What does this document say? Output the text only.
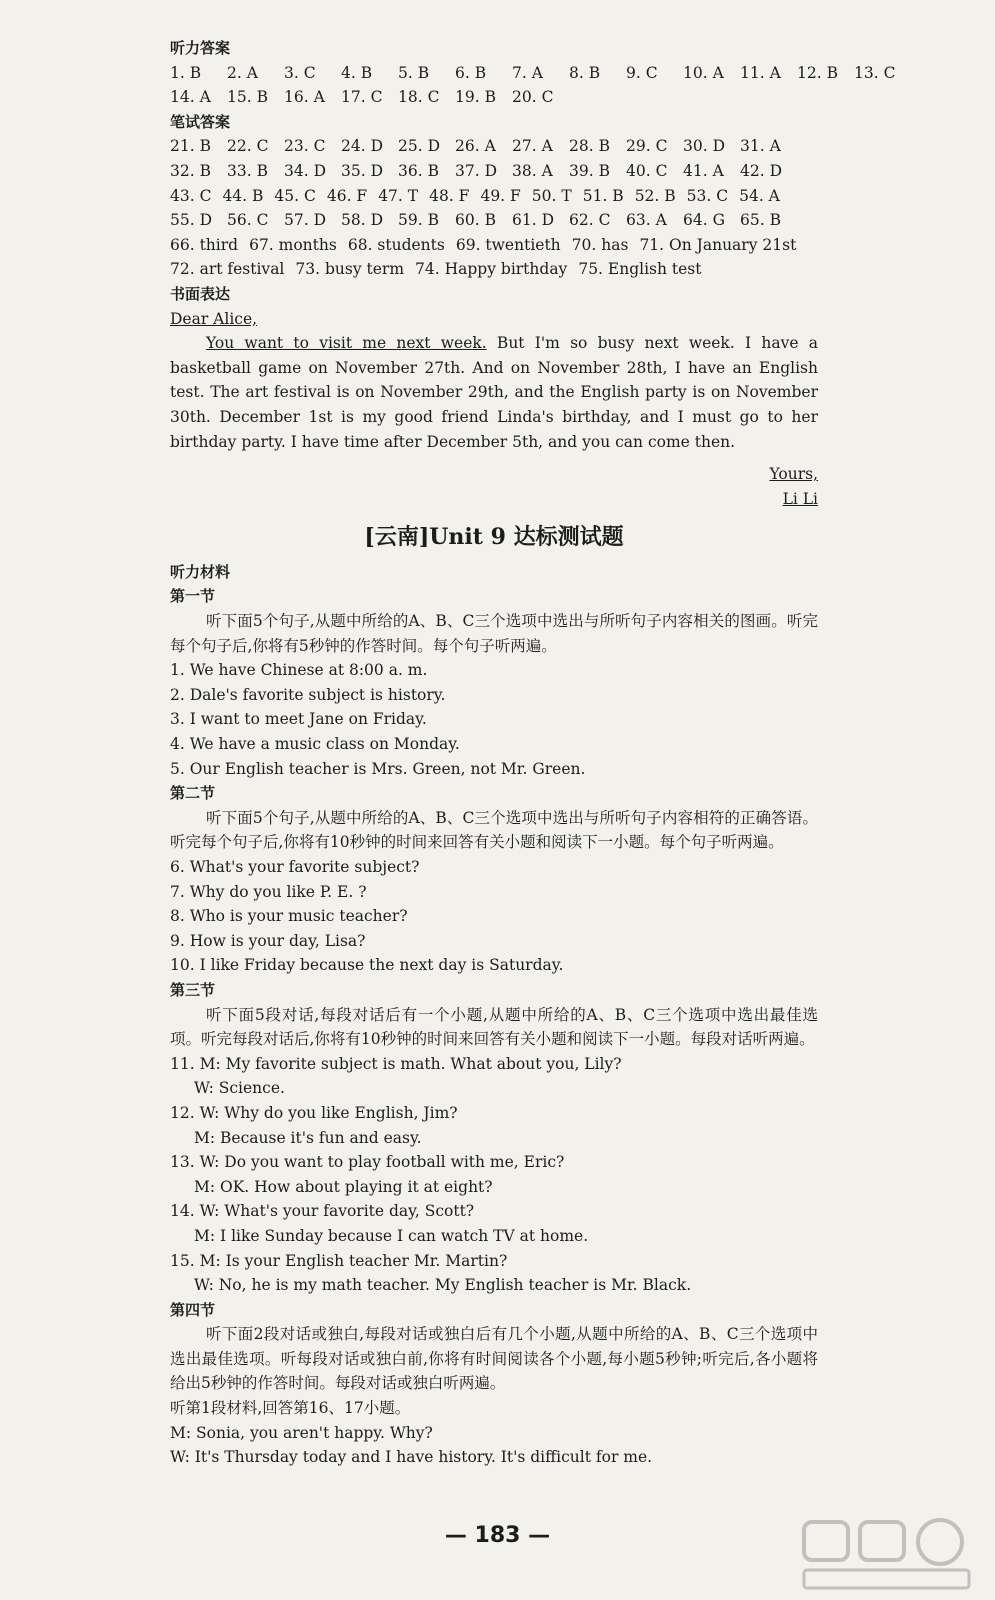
听力答案
1. B 2. A 3. C 4. B 5. B 6. B 7. A 8. B 9. C 10. A 11. A 12. B 13. C
14. A 15. B 16. A 17. C 18. C 19. B 20. C
笔试答案
21. B 22. C 23. C 24. D 25. D 26. A 27. A 28. B 29. C 30. D 31. A
32. B 33. B 34. D 35. D 36. B 37. D 38. A 39. B 40. C 41. A 42. D
43. C 44. B 45. C 46. F 47. T 48. F 49. F 50. T 51. B 52. B 53. C 54. A
55. D 56. C 57. D 58. D 59. B 60. B 61. D 62. C 63. A 64. G 65. B
66. third 67. months 68. students 69. twentieth 70. has 71. On January 21st
72. art festival 73. busy term 74. Happy birthday 75. English test
书面表达

Dear Alice,

You want to visit me next week. But I'm so busy next week. I have a basketball game on November 27th. And on November 28th, I have an English test. The art festival is on November 29th, and the English party is on November 30th. December 1st is my good friend Linda's birthday, and I must go to her birthday party. I have time after December 5th, and you can come then.

Yours,
Li Li
[云南]Unit 9 达标测试题
听力材料
第一节

听下面5个句子,从题中所给的A、B、C三个选项中选出与所听句子内容相关的图画。听完每个句子后,你将有5秒钟的作答时间。每个句子听两遍。

1. We have Chinese at 8:00 a. m.

2. Dale's favorite subject is history.

3. I want to meet Jane on Friday.

4. We have a music class on Monday.

5. Our English teacher is Mrs. Green, not Mr. Green.

第二节

听下面5个句子,从题中所给的A、B、C三个选项中选出与所听句子内容相符的正确答语。听完每个句子后,你将有10秒钟的时间来回答有关小题和阅读下一小题。每个句子听两遍。

6. What's your favorite subject?

7. Why do you like P. E. ?

8. Who is your music teacher?

9. How is your day, Lisa?

10. I like Friday because the next day is Saturday.

第三节

听下面5段对话,每段对话后有一个小题,从题中所给的A、B、C三个选项中选出最佳选项。听完每段对话后,你将有10秒钟的时间来回答有关小题和阅读下一小题。每段对话听两遍。

11. M: My favorite subject is math. What about you, Lily?

W: Science.

12. W: Why do you like English, Jim?

M: Because it's fun and easy.

13. W: Do you want to play football with me, Eric?

M: OK. How about playing it at eight?

14. W: What's your favorite day, Scott?

M: I like Sunday because I can watch TV at home.

15. M: Is your English teacher Mr. Martin?

W: No, he is my math teacher. My English teacher is Mr. Black.

第四节

听下面2段对话或独白,每段对话或独白后有几个小题,从题中所给的A、B、C三个选项中选出最佳选项。听每段对话或独白前,你将有时间阅读各个小题,每小题5秒钟;听完后,各小题将给出5秒钟的作答时间。每段对话或独白听两遍。

听第1段材料,回答第16、17小题。

M: Sonia, you aren't happy. Why?

W: It's Thursday today and I have history. It's difficult for me.

— 183 —
